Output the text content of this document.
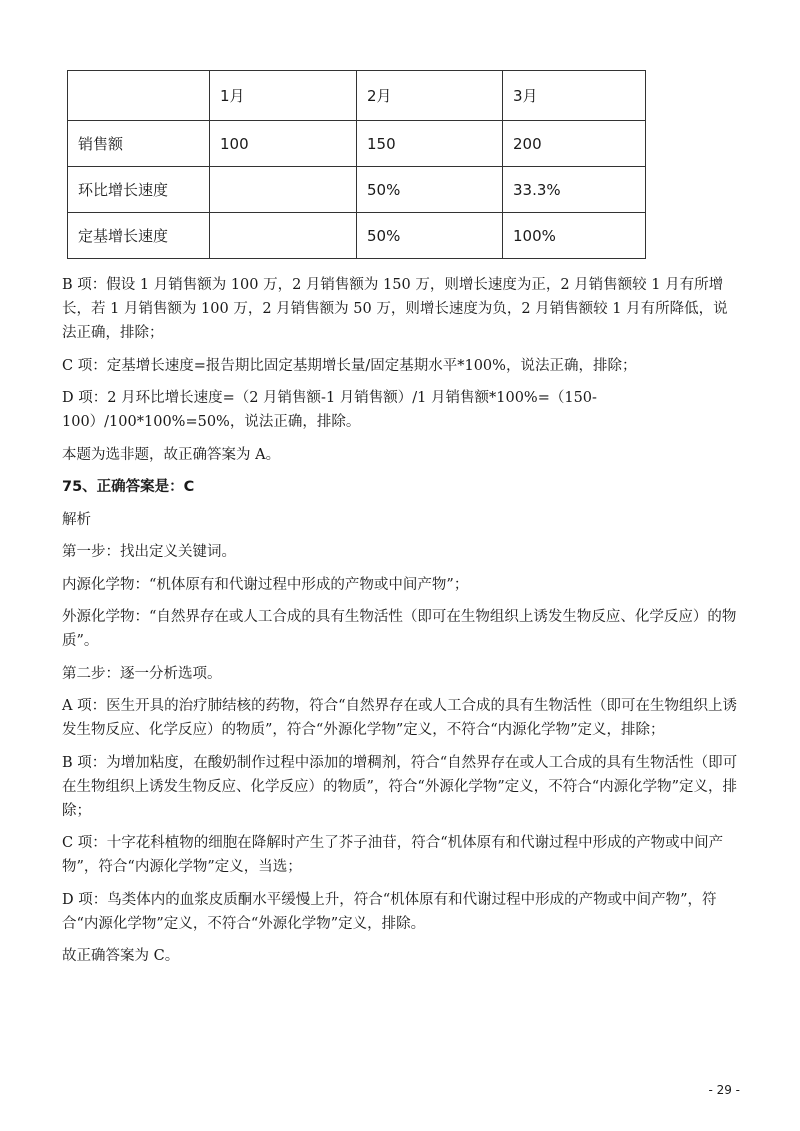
	1月	2月	3月
销售额	100	150	200
环比增长速度		50%	33.3%
定基增长速度		50%	100%

B 项：假设 1 月销售额为 100 万，2 月销售额为 150 万，则增长速度为正，2 月销售额较 1 月有所增长，若 1 月销售额为 100 万，2 月销售额为 50 万，则增长速度为负，2 月销售额较 1 月有所降低，说法正确，排除；

C 项：定基增长速度=报告期比固定基期增长量/固定基期水平*100%，说法正确，排除；

D 项：2 月环比增长速度=（2 月销售额-1 月销售额）/1 月销售额*100%=（150-100）/100*100%=50%，说法正确，排除。

本题为选非题，故正确答案为 A。

75、正确答案是：C

解析

第一步：找出定义关键词。

内源化学物：“机体原有和代谢过程中形成的产物或中间产物”；

外源化学物：“自然界存在或人工合成的具有生物活性（即可在生物组织上诱发生物反应、化学反应）的物质”。

第二步：逐一分析选项。

A 项：医生开具的治疗肺结核的药物，符合“自然界存在或人工合成的具有生物活性（即可在生物组织上诱发生物反应、化学反应）的物质”，符合“外源化学物”定义，不符合“内源化学物”定义，排除；

B 项：为增加粘度，在酸奶制作过程中添加的增稠剂，符合“自然界存在或人工合成的具有生物活性（即可在生物组织上诱发生物反应、化学反应）的物质”，符合“外源化学物”定义，不符合“内源化学物”定义，排除；

C 项：十字花科植物的细胞在降解时产生了芥子油苷，符合“机体原有和代谢过程中形成的产物或中间产物”，符合“内源化学物”定义，当选；

D 项：鸟类体内的血浆皮质酮水平缓慢上升，符合“机体原有和代谢过程中形成的产物或中间产物”，符合“内源化学物”定义，不符合“外源化学物”定义，排除。

故正确答案为 C。

- 29 -
